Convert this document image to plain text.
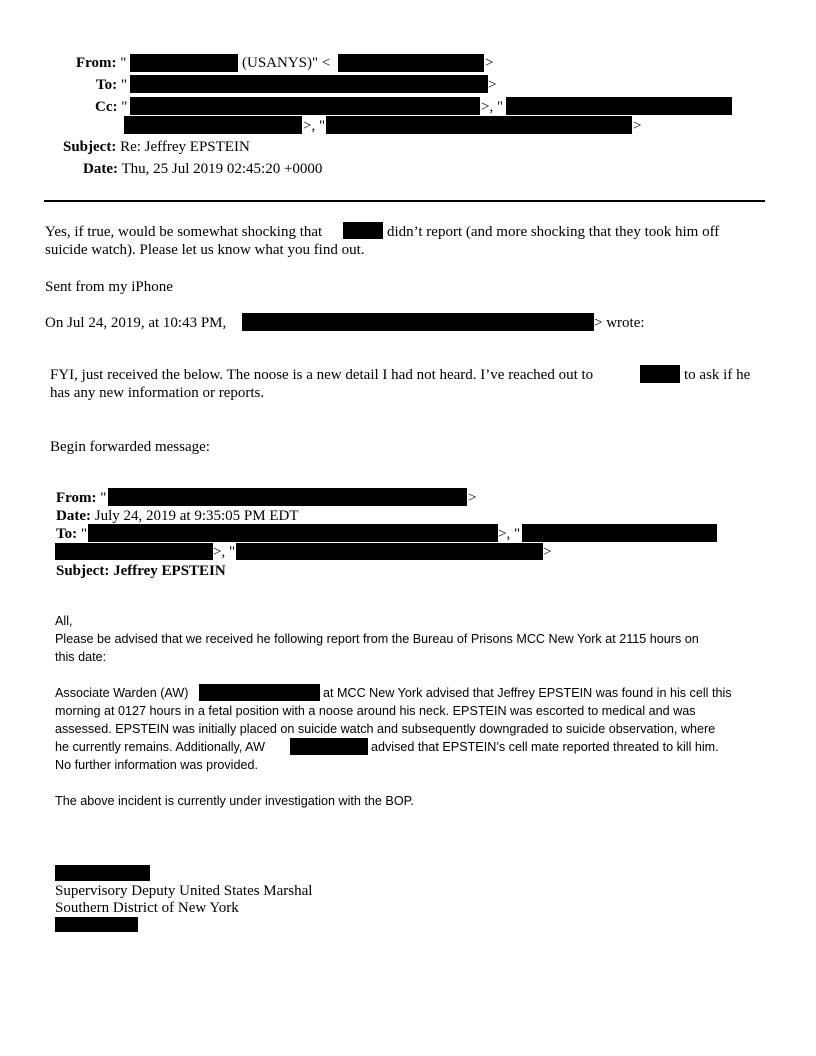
From: "	(USANYS)" <	>
To: "	>
Cc: "	>, "
>, "	>
Subject: Re: Jeffrey EPSTEIN
Date: Thu, 25 Jul 2019 02:45:20 +0000
Yes, if true, would be somewhat shocking that	didn’t report (and more shocking that they took him off
suicide watch). Please let us know what you find out.
Sent from my iPhone
On Jul 24, 2019, at 10:43 PM,	> wrote:
FYI, just received the below. The noose is a new detail I had not heard. I’ve reached out to	to ask if he
has any new information or reports.
Begin forwarded message:
From: "	>
Date: July 24, 2019 at 9:35:05 PM EDT
To: "	>, "
>, "	>
Subject: Jeffrey EPSTEIN
All,
Please be advised that we received he following report from the Bureau of Prisons MCC New York at 2115 hours on
this date:
Associate Warden (AW)	at MCC New York advised that Jeffrey EPSTEIN was found in his cell this
morning at 0127 hours in a fetal position with a noose around his neck. EPSTEIN was escorted to medical and was
assessed. EPSTEIN was initially placed on suicide watch and subsequently downgraded to suicide observation, where
he currently remains. Additionally, AW	advised that EPSTEIN’s cell mate reported threated to kill him.
No further information was provided.
The above incident is currently under investigation with the BOP.
Supervisory Deputy United States Marshal
Southern District of New York
